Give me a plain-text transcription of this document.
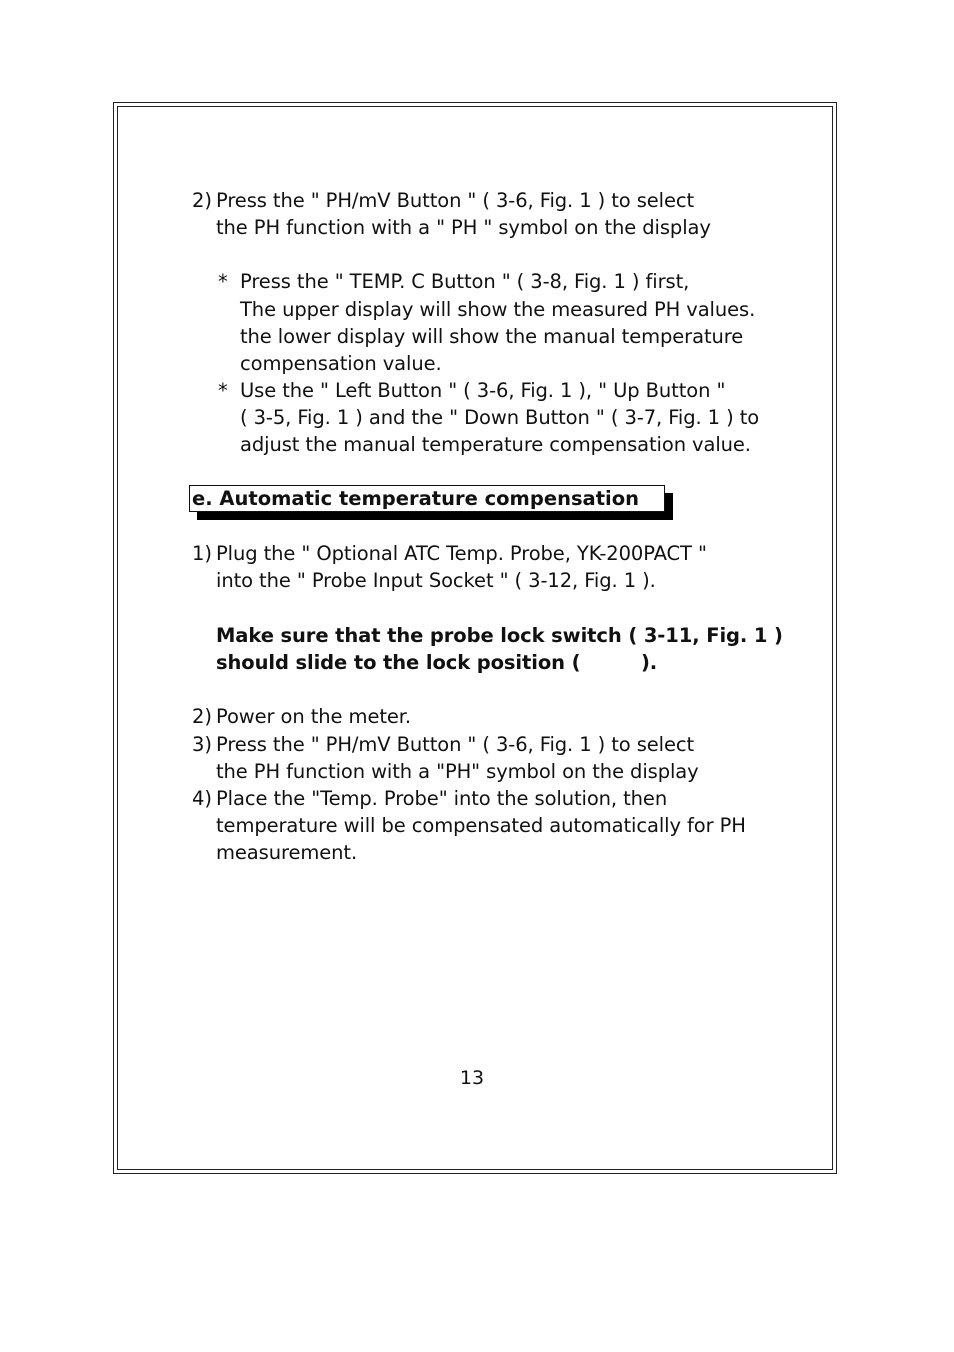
2) Press the " PH/mV Button " ( 3-6, Fig. 1 ) to select
the PH function with a " PH " symbol on the display
* Press the " TEMP. C Button " ( 3-8, Fig. 1 ) first,
The upper display will show the measured PH values.
the lower display will show the manual temperature
compensation value.
* Use the " Left Button " ( 3-6, Fig. 1 ), " Up Button "
( 3-5, Fig. 1 ) and the " Down Button " ( 3-7, Fig. 1 ) to
adjust the manual temperature compensation value.
e. Automatic temperature compensation
1) Plug the " Optional ATC Temp. Probe, YK-200PACT "
into the " Probe Input Socket " ( 3-12, Fig. 1 ).
Make sure that the probe lock switch ( 3-11, Fig. 1 )
should slide to the lock position (	).
2) Power on the meter.
3) Press the " PH/mV Button " ( 3-6, Fig. 1 ) to select
the PH function with a "PH" symbol on the display
4) Place the "Temp. Probe" into the solution, then
temperature will be compensated automatically for PH
measurement.
13
